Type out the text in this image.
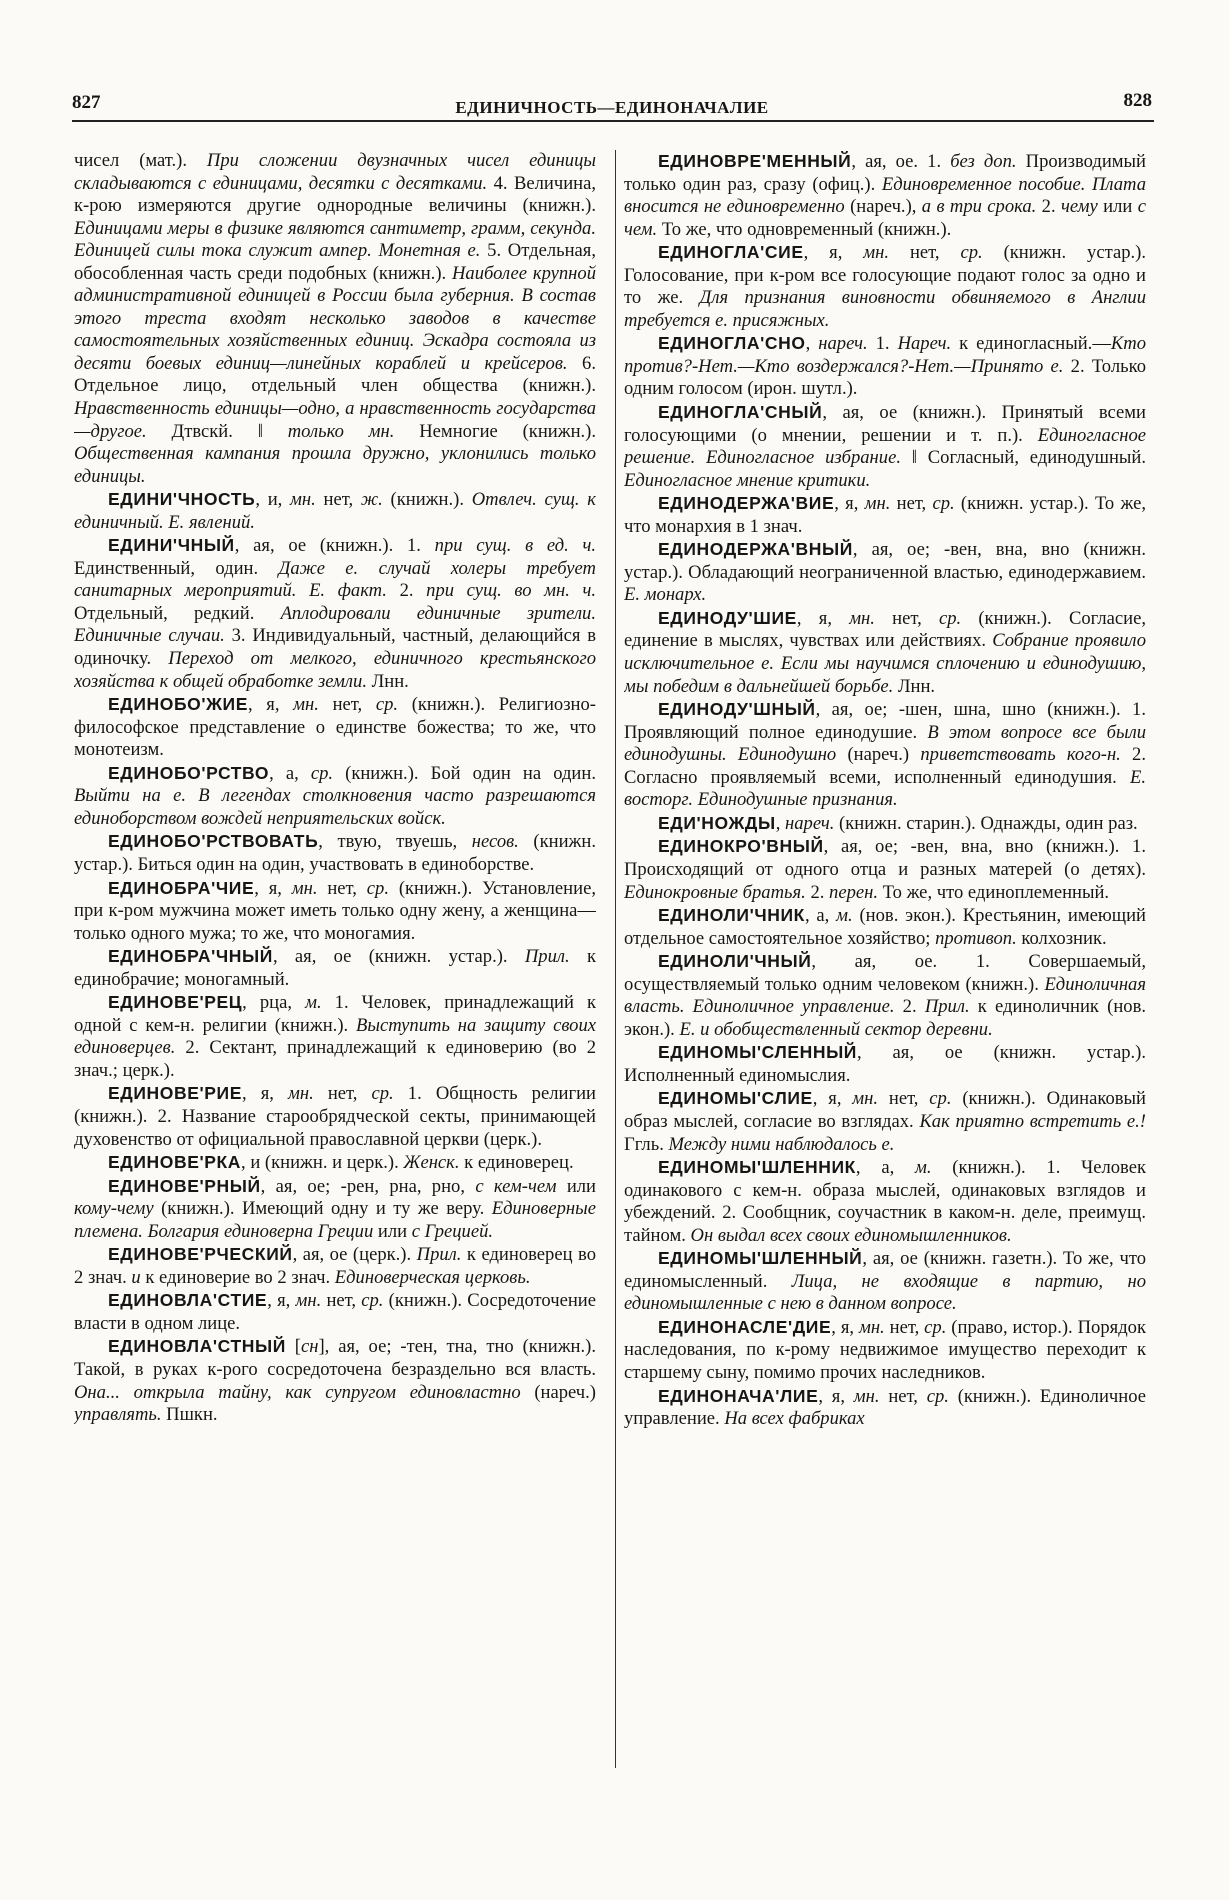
827	ЕДИНИЧНОСТЬ—ЕДИНОНАЧАЛИЕ	828

чисел (мат.). При сложении двузначных чисел единицы складываются с единицами, десятки с десятками. 4. Величина, к-рою измеряются другие однородные величины (книжн.). Единицами меры в физике являются сантиметр, грамм, секунда. Единицей силы тока служит ампер. Монетная е. 5. Отдельная, обособленная часть среди подобных (книжн.). Наиболее крупной административной единицей в России была губерния. В состав этого треста входят несколько заводов в качестве самостоятельных хозяйственных единиц. Эскадра состояла из десяти боевых единиц—линейных кораблей и крейсеров. 6. Отдельное лицо, отдельный член общества (книжн.). Нравственность единицы—одно, а нравственность государства—другое. Дтвскй. ‖ только мн. Немногие (книжн.). Общественная кампания прошла дружно, уклонились только единицы.

ЕДИНИ'ЧНОСТЬ, и, мн. нет, ж. (книжн.). Отвлеч. сущ. к единичный. Е. явлений.

ЕДИНИ'ЧНЫЙ, ая, ое (книжн.). 1. при сущ. в ед. ч. Единственный, один. Даже е. случай холеры требует санитарных мероприятий. Е. факт. 2. при сущ. во мн. ч. Отдельный, редкий. Аплодировали единичные зрители. Единичные случаи. 3. Индивидуальный, частный, делающийся в одиночку. Переход от мелкого, единичного крестьянского хозяйства к общей обработке земли. Лнн.

ЕДИНОБО'ЖИЕ, я, мн. нет, ср. (книжн.). Религиозно-философское представление о единстве божества; то же, что монотеизм.

ЕДИНОБО'РСТВО, а, ср. (книжн.). Бой один на один. Выйти на е. В легендах столкновения часто разрешаются единоборством вождей неприятельских войск.

ЕДИНОБО'РСТВОВАТЬ, твую, твуешь, несов. (книжн. устар.). Биться один на один, участвовать в единоборстве.

ЕДИНОБРА'ЧИЕ, я, мн. нет, ср. (книжн.). Установление, при к-ром мужчина может иметь только одну жену, а женщина—только одного мужа; то же, что моногамия.

ЕДИНОБРА'ЧНЫЙ, ая, ое (книжн. устар.). Прил. к единобрачие; моногамный.

ЕДИНОВЕ'РЕЦ, рца, м. 1. Человек, принадлежащий к одной с кем-н. религии (книжн.). Выступить на защиту своих единоверцев. 2. Сектант, принадлежащий к единоверию (во 2 знач.; церк.).

ЕДИНОВЕ'РИЕ, я, мн. нет, ср. 1. Общность религии (книжн.). 2. Название старообрядческой секты, принимающей духовенство от официальной православной церкви (церк.).

ЕДИНОВЕ'РКА, и (книжн. и церк.). Женск. к единоверец.

ЕДИНОВЕ'РНЫЙ, ая, ое; -рен, рна, рно, с кем-чем или кому-чему (книжн.). Имеющий одну и ту же веру. Единоверные племена. Болгария единоверна Греции или с Грецией.

ЕДИНОВЕ'РЧЕСКИЙ, ая, ое (церк.). Прил. к единоверец во 2 знач. и к единоверие во 2 знач. Единоверческая церковь.

ЕДИНОВЛА'СТИЕ, я, мн. нет, ср. (книжн.). Сосредоточение власти в одном лице.

ЕДИНОВЛА'СТНЫЙ [сн], ая, ое; -тен, тна, тно (книжн.). Такой, в руках к-рого сосредоточена безраздельно вся власть. Она... открыла тайну, как супругом единовластно (нареч.) управлять. Пшкн.

ЕДИНОВРЕ'МЕННЫЙ, ая, ое. 1. без доп. Производимый только один раз, сразу (офиц.). Единовременное пособие. Плата вносится не единовременно (нареч.), а в три срока. 2. чему или с чем. То же, что одновременный (книжн.).

ЕДИНОГЛА'СИЕ, я, мн. нет, ср. (книжн. устар.). Голосование, при к-ром все голосующие подают голос за одно и то же. Для признания виновности обвиняемого в Англии требуется е. присяжных.

ЕДИНОГЛА'СНО, нареч. 1. Нареч. к единогласный.—Кто против?-Нет.—Кто воздержался?-Нет.—Принято е. 2. Только одним голосом (ирон. шутл.).

ЕДИНОГЛА'СНЫЙ, ая, ое (книжн.). Принятый всеми голосующими (о мнении, решении и т. п.). Единогласное решение. Единогласное избрание. ‖ Согласный, единодушный. Единогласное мнение критики.

ЕДИНОДЕРЖА'ВИЕ, я, мн. нет, ср. (книжн. устар.). То же, что монархия в 1 знач.

ЕДИНОДЕРЖА'ВНЫЙ, ая, ое; -вен, вна, вно (книжн. устар.). Обладающий неограниченной властью, единодержавием. Е. монарх.

ЕДИНОДУ'ШИЕ, я, мн. нет, ср. (книжн.). Согласие, единение в мыслях, чувствах или действиях. Собрание проявило исключительное е. Если мы научимся сплочению и единодушию, мы победим в дальнейшей борьбе. Лнн.

ЕДИНОДУ'ШНЫЙ, ая, ое; -шен, шна, шно (книжн.). 1. Проявляющий полное единодушие. В этом вопросе все были единодушны. Единодушно (нареч.) приветствовать кого-н. 2. Согласно проявляемый всеми, исполненный единодушия. Е. восторг. Единодушные признания.

ЕДИ'НОЖДЫ, нареч. (книжн. старин.). Однажды, один раз.

ЕДИНОКРО'ВНЫЙ, ая, ое; -вен, вна, вно (книжн.). 1. Происходящий от одного отца и разных матерей (о детях). Единокровные братья. 2. перен. То же, что единоплеменный.

ЕДИНОЛИ'ЧНИК, а, м. (нов. экон.). Крестьянин, имеющий отдельное самостоятельное хозяйство; противоп. колхозник.

ЕДИНОЛИ'ЧНЫЙ, ая, ое. 1. Совершаемый, осуществляемый только одним человеком (книжн.). Единоличная власть. Единоличное управление. 2. Прил. к единоличник (нов. экон.). Е. и обобществленный сектор деревни.

ЕДИНОМЫ'СЛЕННЫЙ, ая, ое (книжн. устар.). Исполненный единомыслия.

ЕДИНОМЫ'СЛИЕ, я, мн. нет, ср. (книжн.). Одинаковый образ мыслей, согласие во взглядах. Как приятно встретить е.! Ггль. Между ними наблюдалось е.

ЕДИНОМЫ'ШЛЕННИК, а, м. (книжн.). 1. Человек одинакового с кем-н. образа мыслей, одинаковых взглядов и убеждений. 2. Сообщник, соучастник в каком-н. деле, преимущ. тайном. Он выдал всех своих единомышленников.

ЕДИНОМЫ'ШЛЕННЫЙ, ая, ое (книжн. газетн.). То же, что единомысленный. Лица, не входящие в партию, но единомышленные с нею в данном вопросе.

ЕДИНОНАСЛЕ'ДИЕ, я, мн. нет, ср. (право, истор.). Порядок наследования, по к-рому недвижимое имущество переходит к старшему сыну, помимо прочих наследников.

ЕДИНОНАЧА'ЛИЕ, я, мн. нет, ср. (книжн.). Единоличное управление. На всех фабриках
